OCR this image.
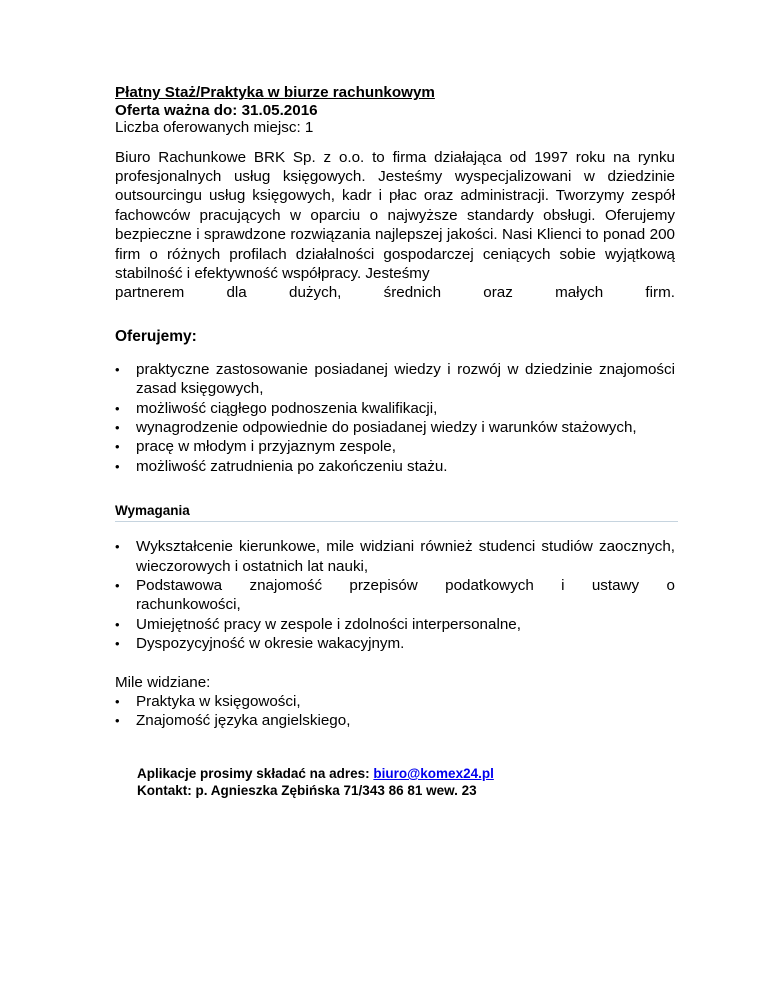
Płatny Staż/Praktyka w biurze rachunkowym

Oferta ważna do: 31.05.2016

Liczba oferowanych miejsc: 1

Biuro Rachunkowe BRK Sp. z o.o. to firma działająca od 1997 roku na rynku profesjonalnych usług księgowych. Jesteśmy wyspecjalizowani w dziedzinie outsourcingu usług księgowych, kadr i płac oraz administracji. Tworzymy zespół fachowców pracujących w oparciu o najwyższe standardy obsługi. Oferujemy bezpieczne i sprawdzone rozwiązania najlepszej jakości. Nasi Klienci to ponad 200 firm o różnych profilach działalności gospodarczej ceniących sobie wyjątkową stabilność i efektywność współpracy. Jesteśmy
partnerem	dla	dużych,	średnich	oraz	małych	firm.
Oferujemy:
• praktyczne zastosowanie posiadanej wiedzy i rozwój w dziedzinie znajomości zasad księgowych,
• możliwość ciągłego podnoszenia kwalifikacji,
• wynagrodzenie odpowiednie do posiadanej wiedzy i warunków stażowych,
• pracę w młodym i przyjaznym zespole,
• możliwość zatrudnienia po zakończeniu stażu.
Wymagania
• Wykształcenie kierunkowe, mile widziani również studenci studiów zaocznych, wieczorowych i ostatnich lat nauki,
• Podstawowa znajomość przepisów podatkowych i ustawy o
rachunkowości,
• Umiejętność pracy w zespole i zdolności interpersonalne,
• Dyspozycyjność w okresie wakacyjnym.
Mile widziane:
• Praktyka w księgowości,
• Znajomość języka angielskiego,
Aplikacje prosimy składać na adres: biuro@komex24.pl
Kontakt: p. Agnieszka Zębińska 71/343 86 81 wew. 23
